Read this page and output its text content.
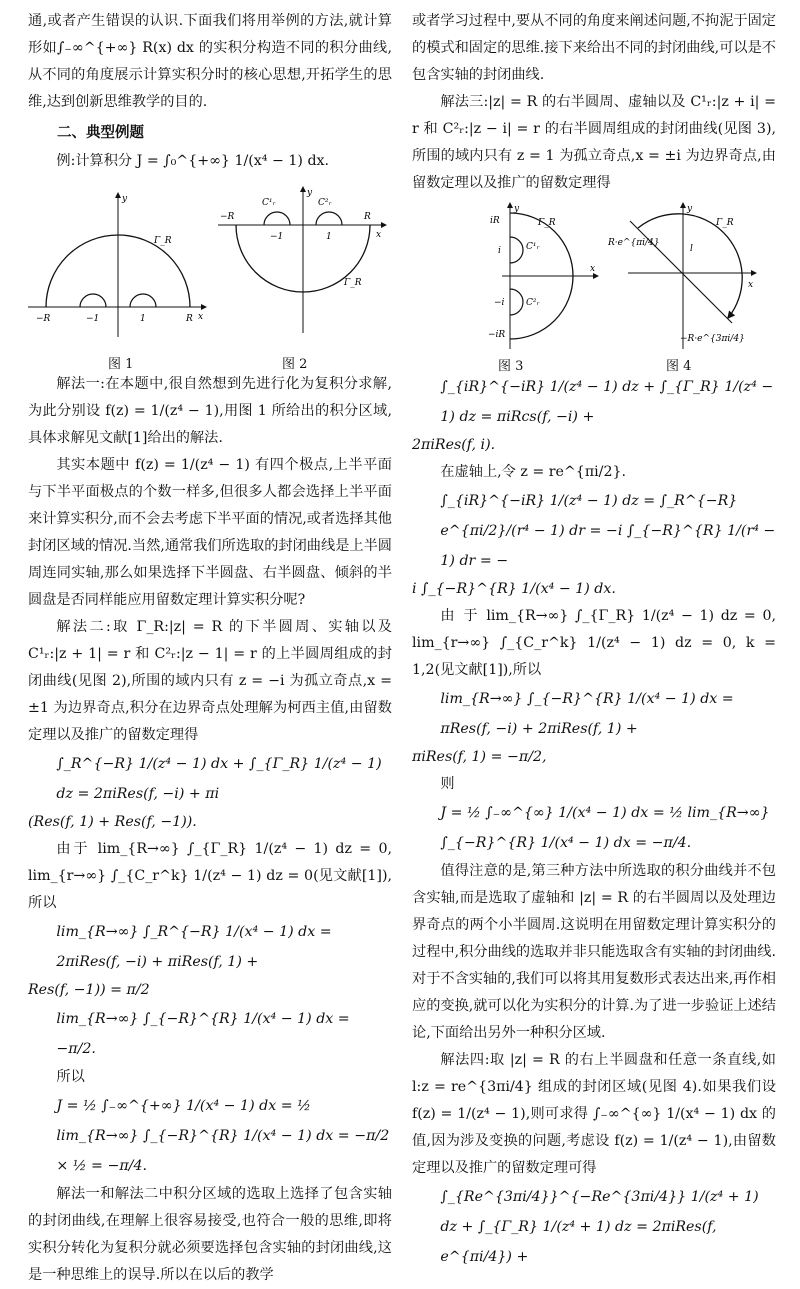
通,或者产生错误的认识.下面我们将用举例的方法,就计算形如∫₋∞^{+∞} R(x) dx 的实积分构造不同的积分曲线,从不同的角度展示计算实积分时的核心思想,开拓学生的思维,达到创新思维教学的目的.

二、典型例题

例:计算积分 J = ∫₀^{+∞} 1/(x⁴ − 1) dx.

y
Γ_R
−R	−1	1	R x
图 1
y
C¹ᵣ	C²ᵣ
−R
−1	1
R
x
Γ_R
图 2

解法一:在本题中,很自然想到先进行化为复积分求解,为此分别设 f(z) = 1/(z⁴ − 1),用图 1 所给出的积分区域,具体求解见文献[1]给出的解法.

其实本题中 f(z) = 1/(z⁴ − 1) 有四个极点,上半平面与下半平面极点的个数一样多,但很多人都会选择上半平面来计算实积分,而不会去考虑下半平面的情况,或者选择其他封闭区域的情况.当然,通常我们所选取的封闭曲线是上半圆周连同实轴,那么如果选择下半圆盘、右半圆盘、倾斜的半圆盘是否同样能应用留数定理计算实积分呢?

解法二:取 Γ_R:|z| = R 的下半圆周、实轴以及 C¹ᵣ:|z + 1| = r 和 C²ᵣ:|z − 1| = r 的上半圆周组成的封闭曲线(见图 2),所围的域内只有 z = −i 为孤立奇点,x = ±1 为边界奇点,积分在边界奇点处理解为柯西主值,由留数定理以及推广的留数定理得

∫_R^{−R} 1/(z⁴ − 1) dx + ∫_{Γ_R} 1/(z⁴ − 1) dz = 2πiRes(f, −i) + πi
(Res(f, 1) + Res(f, −1)).

由于 lim_{R→∞} ∫_{Γ_R} 1/(z⁴ − 1) dz = 0, lim_{r→∞} ∫_{C_r^k} 1/(z⁴ − 1) dz = 0(见文献[1]),所以

lim_{R→∞} ∫_R^{−R} 1/(x⁴ − 1) dx = 2πiRes(f, −i) + πiRes(f, 1) +
Res(f, −1)) = π/2
lim_{R→∞} ∫_{−R}^{R} 1/(x⁴ − 1) dx = −π/2.

所以

J = ½ ∫₋∞^{+∞} 1/(x⁴ − 1) dx = ½ lim_{R→∞} ∫_{−R}^{R} 1/(x⁴ − 1) dx = −π/2 × ½ = −π/4.

解法一和解法二中积分区域的选取上选择了包含实轴的封闭曲线,在理解上很容易接受,也符合一般的思维,即将实积分转化为复积分就必须要选择包含实轴的封闭曲线,这是一种思维上的误导.所以在以后的教学

或者学习过程中,要从不同的角度来阐述问题,不拘泥于固定的模式和固定的思维.接下来给出不同的封闭曲线,可以是不包含实轴的封闭曲线.

解法三:|z| = R 的右半圆周、虚轴以及 C¹ᵣ:|z + i| = r 和 C²ᵣ:|z − i| = r 的右半圆周组成的封闭曲线(见图 3),所围的域内只有 z = 1 为孤立奇点,x = ±i 为边界奇点,由留数定理以及推广的留数定理得

y
iR	Γ_R
i	C¹ᵣ
x
−i C²ᵣ
−iR
图 3
y
R·e^{πi/4}
Γ_R
l
x
−R·e^{3πi/4}
图 4
∫_{iR}^{−iR} 1/(z⁴ − 1) dz + ∫_{Γ_R} 1/(z⁴ − 1) dz = πiRcs(f, −i) +
2πiRes(f, i).

在虚轴上,令 z = re^{πi/2}.

∫_{iR}^{−iR} 1/(z⁴ − 1) dz = ∫_R^{−R} e^{πi/2}/(r⁴ − 1) dr = −i ∫_{−R}^{R} 1/(r⁴ − 1) dr = −
i ∫_{−R}^{R} 1/(x⁴ − 1) dx.

由 于 lim_{R→∞} ∫_{Γ_R} 1/(z⁴ − 1) dz = 0, lim_{r→∞} ∫_{C_r^k} 1/(z⁴ − 1) dz = 0, k = 1,2(见文献[1]),所以

lim_{R→∞} ∫_{−R}^{R} 1/(x⁴ − 1) dx = πRes(f, −i) + 2πiRes(f, 1) +
πiRes(f, 1) = −π/2,

则

J = ½ ∫₋∞^{∞} 1/(x⁴ − 1) dx = ½ lim_{R→∞} ∫_{−R}^{R} 1/(x⁴ − 1) dx = −π/4.

值得注意的是,第三种方法中所选取的积分曲线并不包含实轴,而是选取了虚轴和 |z| = R 的右半圆周以及处理边界奇点的两个小半圆周.这说明在用留数定理计算实积分的过程中,积分曲线的选取并非只能选取含有实轴的封闭曲线.对于不含实轴的,我们可以将其用复数形式表达出来,再作相应的变换,就可以化为实积分的计算.为了进一步验证上述结论,下面给出另外一种积分区域.

解法四:取 |z| = R 的右上半圆盘和任意一条直线,如 l:z = re^{3πi/4} 组成的封闭区域(见图 4).如果我们设 f(z) = 1/(z⁴ − 1),则可求得 ∫₋∞^{∞} 1/(x⁴ − 1) dx 的值,因为涉及变换的问题,考虑设 f(z) = 1/(z⁴ − 1),由留数定理以及推广的留数定理可得

∫_{Re^{3πi/4}}^{−Re^{3πi/4}} 1/(z⁴ + 1) dz + ∫_{Γ_R} 1/(z⁴ + 1) dz = 2πiRes(f, e^{πi/4}) +
